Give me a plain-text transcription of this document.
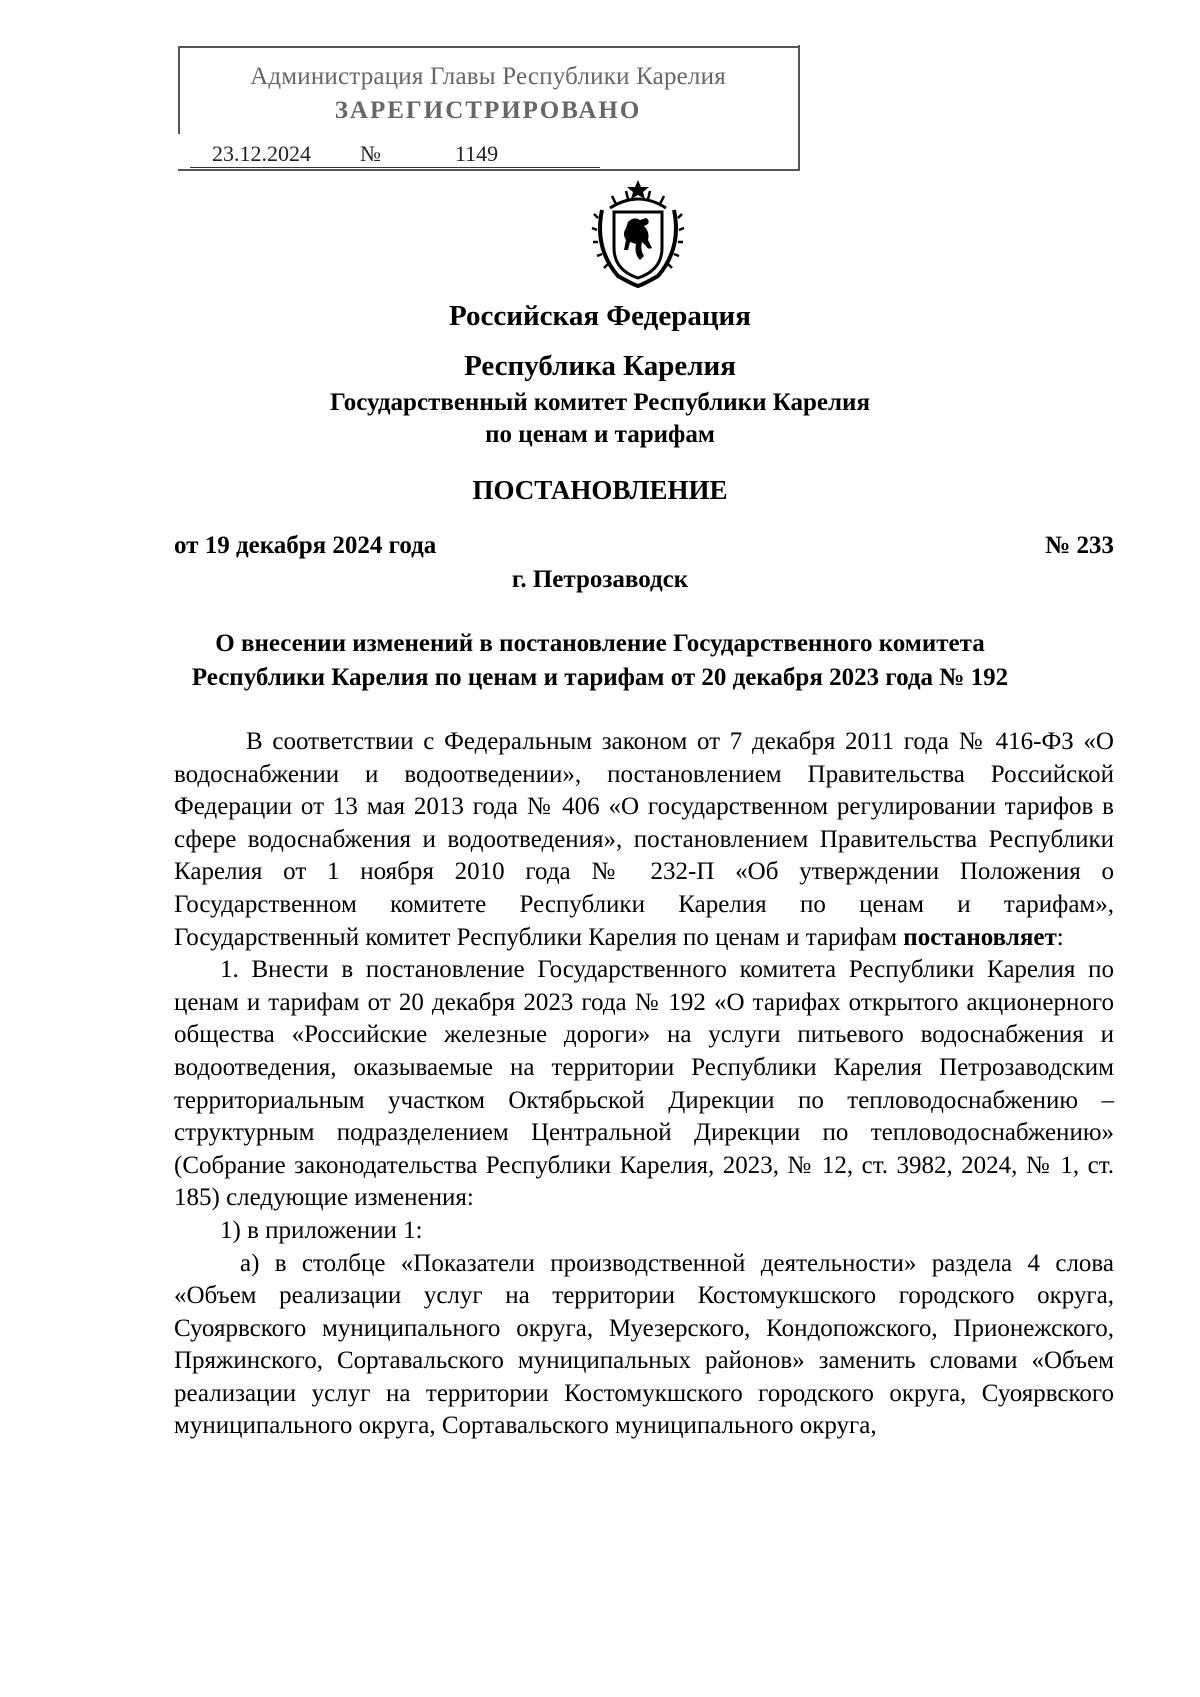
Администрация Главы Республики Карелия
ЗАРЕГИСТРИРОВАНО
23.12.2024 №	1149
Российская Федерация
Республика Карелия
Государственный комитет Республики Карелия
по ценам и тарифам
ПОСТАНОВЛЕНИЕ
от 19 декабря 2024 года	№ 233
г. Петрозаводск
О внесении изменений в постановление Государственного комитета
Республики Карелия по ценам и тарифам от 20 декабря 2023 года № 192

В соответствии с Федеральным законом от 7 декабря 2011 года № 416-ФЗ «О водоснабжении и водоотведении», постановлением Правительства Российской Федерации от 13 мая 2013 года № 406 «О государственном регулировании тарифов в сфере водоснабжения и водоотведения», постановлением Правительства Республики Карелия от 1 ноября 2010 года № 232-П «Об утверждении Положения о Государственном комитете Республики Карелия по ценам и тарифам», Государственный комитет Республики Карелия по ценам и тарифам постановляет:

1. Внести в постановление Государственного комитета Республики Карелия по ценам и тарифам от 20 декабря 2023 года № 192 «О тарифах открытого акционерного общества «Российские железные дороги» на услуги питьевого водоснабжения и водоотведения, оказываемые на территории Республики Карелия Петрозаводским территориальным участком Октябрьской Дирекции по тепловодоснабжению – структурным подразделением Центральной Дирекции по тепловодоснабжению» (Собрание законодательства Республики Карелия, 2023, № 12, ст. 3982, 2024, № 1, ст. 185) следующие изменения:

1) в приложении 1:

а) в столбце «Показатели производственной деятельности» раздела 4 слова «Объем реализации услуг на территории Костомукшского городского округа, Суоярвского муниципального округа, Муезерского, Кондопожского, Прионежского, Пряжинского, Сортавальского муниципальных районов» заменить словами «Объем реализации услуг на территории Костомукшского городского округа, Суоярвского муниципального округа, Сортавальского муниципального округа,
